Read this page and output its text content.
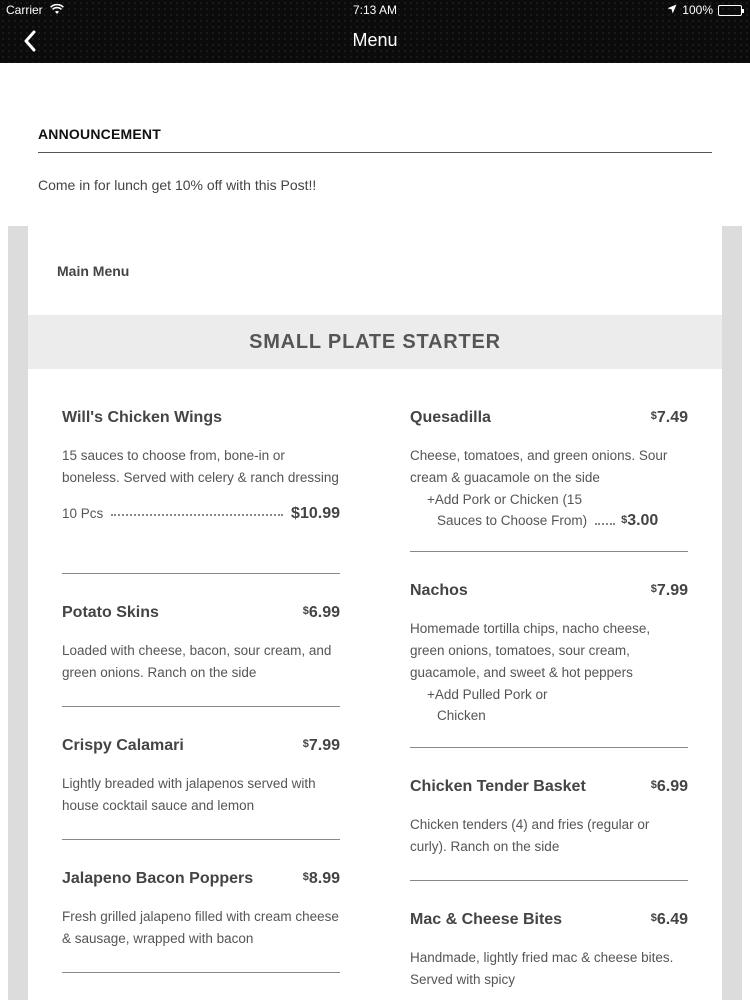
Carrier	7:13 AM	100%
Menu
ANNOUNCEMENT
Come in for lunch get 10% off with this Post!!
Main Menu
SMALL PLATE STARTER
Will's Chicken Wings
15 sauces to choose from, bone-in or boneless. Served with celery & ranch dressing
10 Pcs	$10.99
Potato Skins	$6.99
Loaded with cheese, bacon, sour cream, and green onions. Ranch on the side
Crispy Calamari	$7.99
Lightly breaded with jalapenos served with house cocktail sauce and lemon
Jalapeno Bacon Poppers	$8.99
Fresh grilled jalapeno filled with cream cheese & sausage, wrapped with bacon
Quesadilla	$7.49
Cheese, tomatoes, and green onions. Sour cream & guacamole on the side
+Add Pork or Chicken (15
Sauces to Choose From)	$3.00
Nachos	$7.99
Homemade tortilla chips, nacho cheese, green onions, tomatoes, sour cream, guacamole, and sweet & hot peppers
+Add Pulled Pork or
Chicken
Chicken Tender Basket	$6.99
Chicken tenders (4) and fries (regular or curly). Ranch on the side
Mac & Cheese Bites	$6.49
Handmade, lightly fried mac & cheese bites. Served with spicy
